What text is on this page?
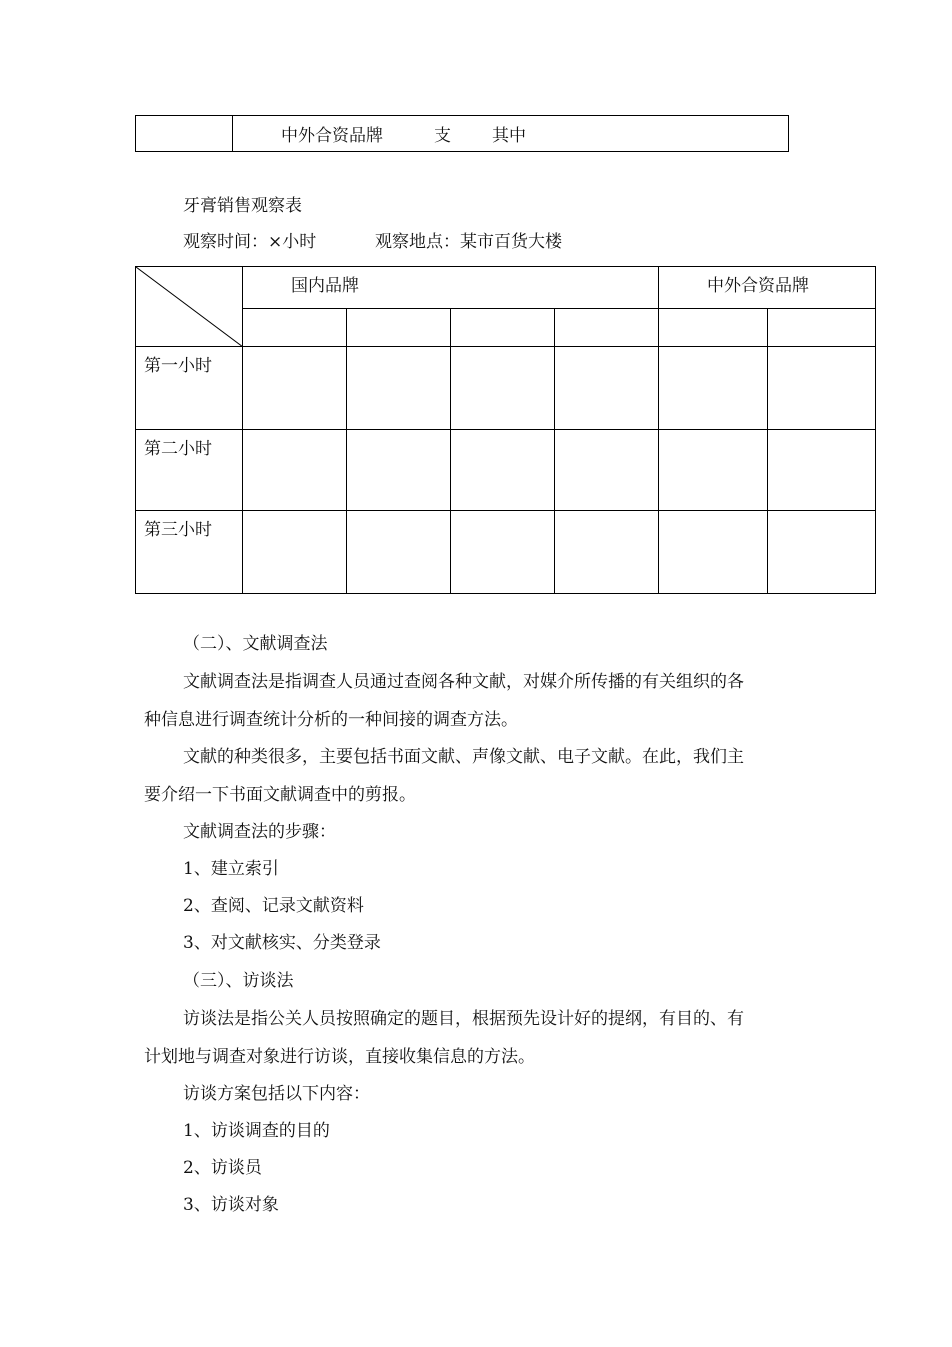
中外合资品牌	支 其中
牙膏销售观察表
观察时间：×小时	观察地点：某市百货大楼
	国内品牌				中外合资品牌	

第一小时						
第二小时						
第三小时						
（二）、文献调查法
文献调查法是指调查人员通过查阅各种文献，对媒介所传播的有关组织的各
种信息进行调查统计分析的一种间接的调查方法。
文献的种类很多，主要包括书面文献、声像文献、电子文献。在此，我们主
要介绍一下书面文献调查中的剪报。
文献调查法的步骤：
1、建立索引
2、查阅、记录文献资料
3、对文献核实、分类登录
（三）、访谈法
访谈法是指公关人员按照确定的题目，根据预先设计好的提纲，有目的、有
计划地与调查对象进行访谈，直接收集信息的方法。
访谈方案包括以下内容：
1、访谈调查的目的
2、访谈员
3、访谈对象
